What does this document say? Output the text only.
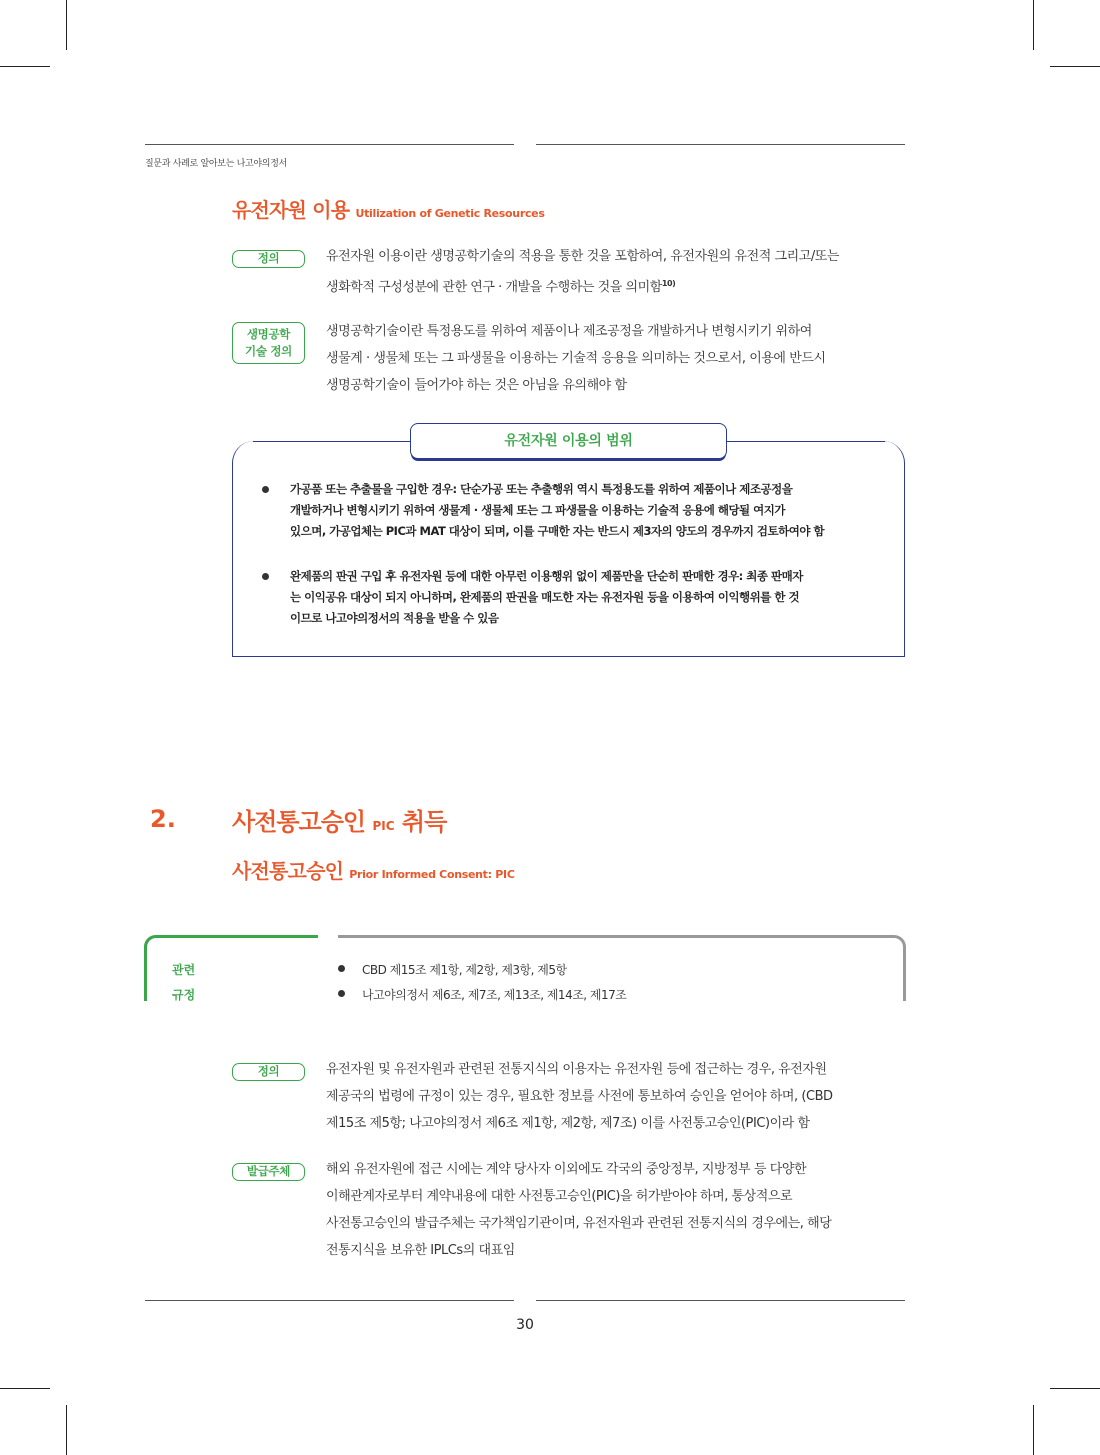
질문과 사례로 알아보는 나고야의정서
유전자원 이용 Utilization of Genetic Resources
정의	유전자원 이용이란 생명공학기술의 적용을 통한 것을 포함하여, 유전자원의 유전적 그리고/또는
생화학적 구성성분에 관한 연구 · 개발을 수행하는 것을 의미함$^{10)}$
생명공학
기술 정의
생명공학기술이란 특정용도를 위하여 제품이나 제조공정을 개발하거나 변형시키기 위하여
생물계 · 생물체 또는 그 파생물을 이용하는 기술적 응용을 의미하는 것으로서, 이용에 반드시
생명공학기술이 들어가야 하는 것은 아님을 유의해야 함
유전자원 이용의 범위
가공품 또는 추출물을 구입한 경우: 단순가공 또는 추출행위 역시 특정용도를 위하여 제품이나 제조공정을
개발하거나 변형시키기 위하여 생물계 · 생물체 또는 그 파생물을 이용하는 기술적 응용에 해당될 여지가
있으며, 가공업체는 PIC과 MAT 대상이 되며, 이를 구매한 자는 반드시 제3자의 양도의 경우까지 검토하여야 함
완제품의 판권 구입 후 유전자원 등에 대한 아무런 이용행위 없이 제품만을 단순히 판매한 경우: 최종 판매자
는 이익공유 대상이 되지 아니하며, 완제품의 판권을 매도한 자는 유전자원 등을 이용하여 이익행위를 한 것
이므로 나고야의정서의 적용을 받을 수 있음
2. 사전통고승인 PIC 취득
사전통고승인 Prior Informed Consent: PIC
관련
규정
CBD 제15조 제1항, 제2항, 제3항, 제5항
나고야의정서 제6조, 제7조, 제13조, 제14조, 제17조
정의	유전자원 및 유전자원과 관련된 전통지식의 이용자는 유전자원 등에 접근하는 경우, 유전자원
제공국의 법령에 규정이 있는 경우, 필요한 정보를 사전에 통보하여 승인을 얻어야 하며, (CBD
제15조 제5항; 나고야의정서 제6조 제1항, 제2항, 제7조) 이를 사전통고승인(PIC)이라 함
발급주체	해외 유전자원에 접근 시에는 계약 당사자 이외에도 각국의 중앙정부, 지방정부 등 다양한
이해관계자로부터 계약내용에 대한 사전통고승인(PIC)을 허가받아야 하며, 통상적으로
사전통고승인의 발급주체는 국가책임기관이며, 유전자원과 관련된 전통지식의 경우에는, 해당
전통지식을 보유한 IPLCs의 대표임
30
